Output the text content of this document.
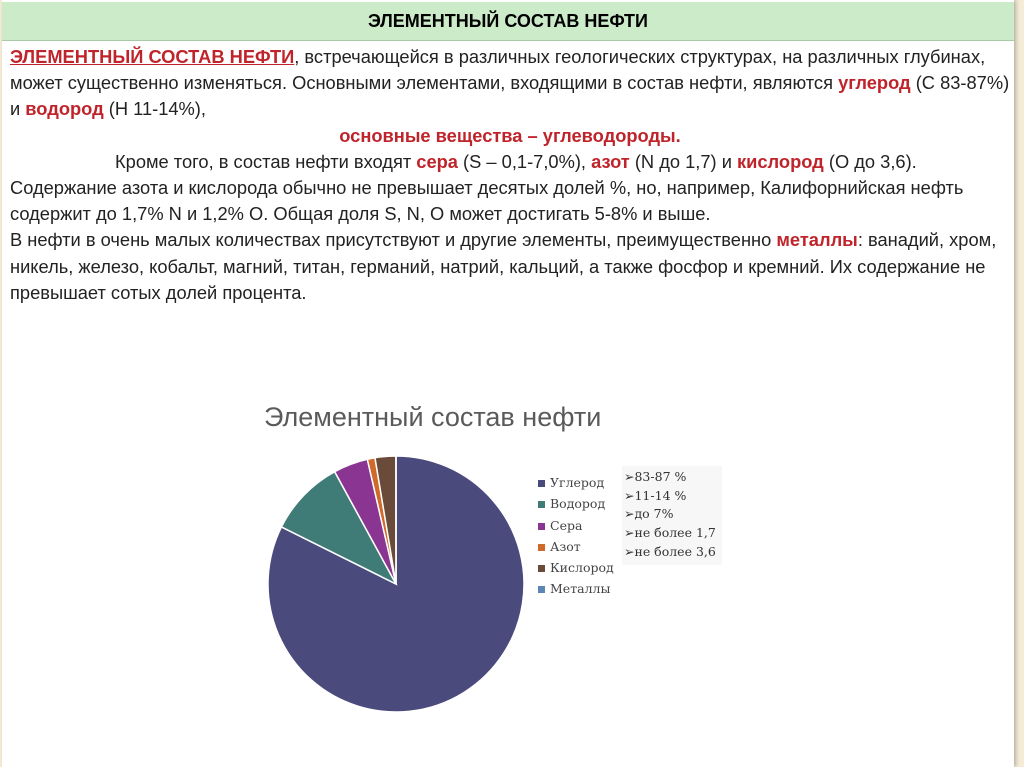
ЭЛЕМЕНТНЫЙ СОСТАВ НЕФТИ

ЭЛЕМЕНТНЫЙ СОСТАВ НЕФТИ, встречающейся в различных геологических структурах, на различных глубинах, может существенно изменяться. Основными элементами, входящими в состав нефти, являются углерод (С 83-87%) и водород (Н 11-14%),

основные вещества – углеводороды.

Кроме того, в состав нефти входят сера (S – 0,1-7,0%), азот (N до 1,7) и кислород (О до 3,6). Содержание азота и кислорода обычно не превышает десятых долей %, но, например, Калифорнийская нефть содержит до 1,7% N и 1,2% О. Общая доля S, N, O может достигать 5-8% и выше.

В нефти в очень малых количествах присутствуют и другие элементы, преимущественно металлы: ванадий, хром, никель, железо, кобальт, магний, титан, германий, натрий, кальций, а также фосфор и кремний. Их содержание не превышает сотых долей процента.

Элементный состав нефти
Углерод
Водород
Сера
Азот
Кислород
Металлы
➢83-87 %
➢11-14 %
➢до 7%
➢не более 1,7
➢не более 3,6
